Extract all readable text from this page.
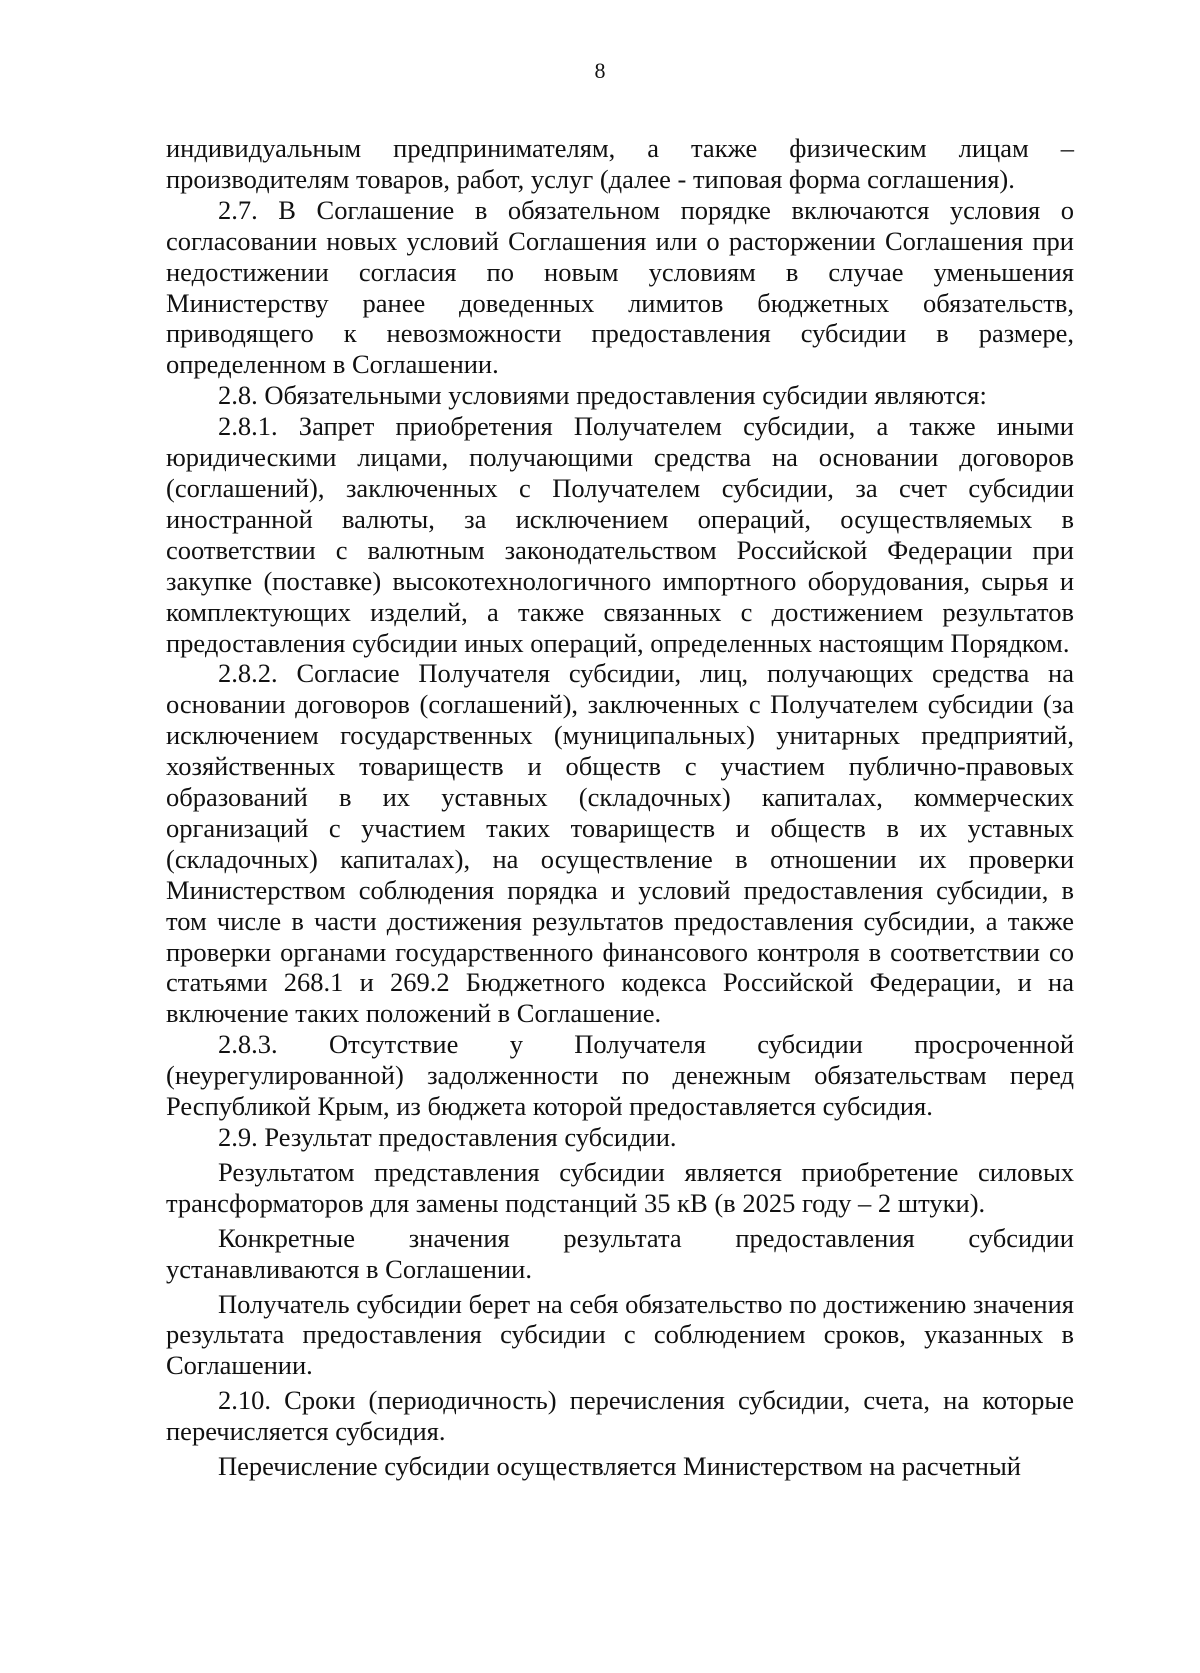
8

индивидуальным предпринимателям, а также физическим лицам – производителям товаров, работ, услуг (далее - типовая форма соглашения).

2.7. В Соглашение в обязательном порядке включаются условия о согласовании новых условий Соглашения или о расторжении Соглашения при недостижении согласия по новым условиям в случае уменьшения Министерству ранее доведенных лимитов бюджетных обязательств, приводящего к невозможности предоставления субсидии в размере, определенном в Соглашении.

2.8. Обязательными условиями предоставления субсидии являются:

2.8.1. Запрет приобретения Получателем субсидии, а также иными юридическими лицами, получающими средства на основании договоров (соглашений), заключенных с Получателем субсидии, за счет субсидии иностранной валюты, за исключением операций, осуществляемых в соответствии с валютным законодательством Российской Федерации при закупке (поставке) высокотехнологичного импортного оборудования, сырья и комплектующих изделий, а также связанных с достижением результатов предоставления субсидии иных операций, определенных настоящим Порядком.

2.8.2. Согласие Получателя субсидии, лиц, получающих средства на основании договоров (соглашений), заключенных с Получателем субсидии (за исключением государственных (муниципальных) унитарных предприятий, хозяйственных товариществ и обществ с участием публично-правовых образований в их уставных (складочных) капиталах, коммерческих организаций с участием таких товариществ и обществ в их уставных (складочных) капиталах), на осуществление в отношении их проверки Министерством соблюдения порядка и условий предоставления субсидии, в том числе в части достижения результатов предоставления субсидии, а также проверки органами государственного финансового контроля в соответствии со статьями 268.1 и 269.2 Бюджетного кодекса Российской Федерации, и на включение таких положений в Соглашение.

2.8.3. Отсутствие у Получателя субсидии просроченной (неурегулированной) задолженности по денежным обязательствам перед Республикой Крым, из бюджета которой предоставляется субсидия.

2.9. Результат предоставления субсидии.

Результатом представления субсидии является приобретение силовых трансформаторов для замены подстанций 35 кВ (в 2025 году – 2 штуки).

Конкретные значения результата предоставления субсидии устанавливаются в Соглашении.

Получатель субсидии берет на себя обязательство по достижению значения результата предоставления субсидии с соблюдением сроков, указанных в Соглашении.

2.10. Сроки (периодичность) перечисления субсидии, счета, на которые перечисляется субсидия.

Перечисление субсидии осуществляется Министерством на расчетный
